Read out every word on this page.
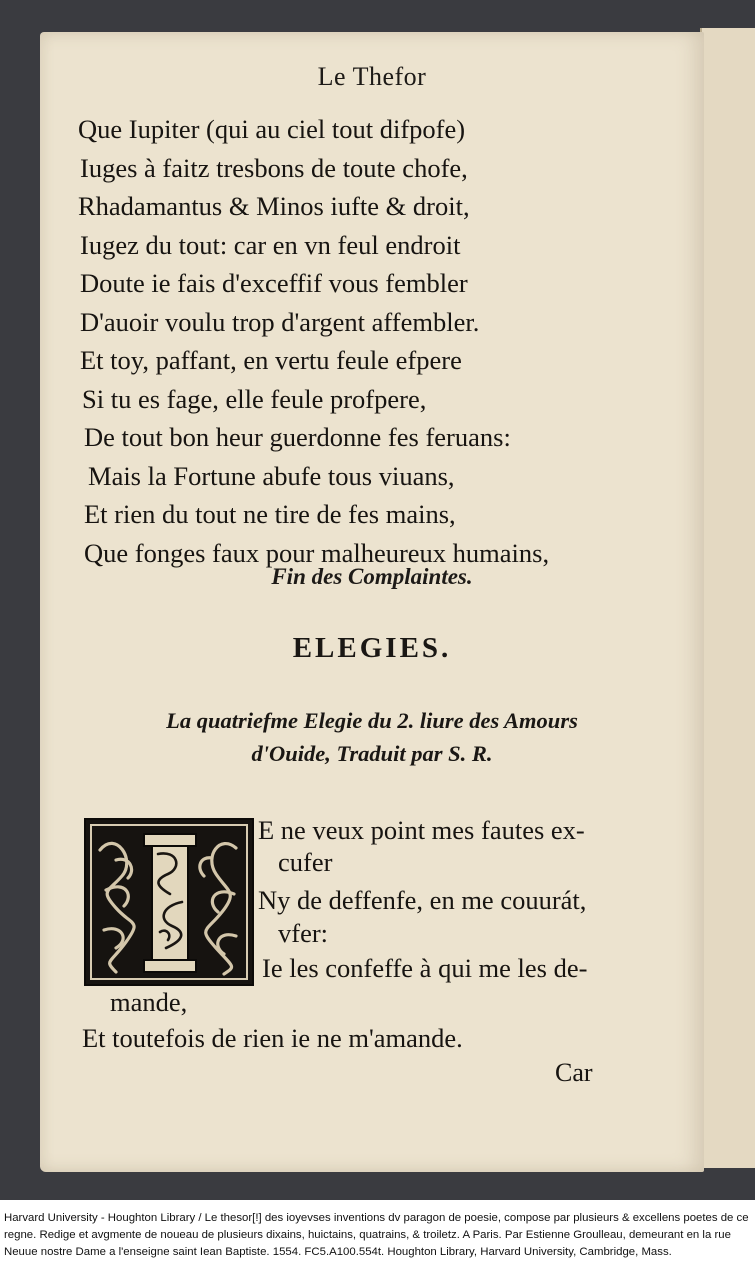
Le Thefor
Que Iupiter (qui au ciel tout difpofe)
Iuges à faitz tresbons de toute chofe,
Rhadamantus & Minos iufte & droit,
Iugez du tout: car en vn feul endroit
Doute ie fais d'exceffif vous fembler
D'auoir voulu trop d'argent affembler.
Et toy, paffant, en vertu feule efpere
Si tu es fage, elle feule profpere,
De tout bon heur guerdonne fes feruans:
Mais la Fortune abufe tous viuans,
Et rien du tout ne tire de fes mains,
Que fonges faux pour malheureux humains,
Fin des Complaintes.
ELEGIES.
La quatriefme Elegie du 2. liure des Amours
d'Ouide, Traduit par S. R.
E ne veux point mes fautes ex-
cufer
Ny de deffenfe, en me couurát,
vfer:
Ie les confeffe à qui me les de-
mande,
Et toutefois de rien ie ne m'amande.
Car
Harvard University - Houghton Library / Le thesor[!] des ioyevses inventions dv paragon de poesie, compose par plusieurs & excellens poetes de ce regne. Redige et avgmente de noueau de plusieurs dixains, huictains, quatrains, & troiletz. A Paris. Par Estienne Groulleau, demeurant en la rue Neuue nostre Dame a l'enseigne saint Iean Baptiste. 1554. FC5.A100.554t. Houghton Library, Harvard University, Cambridge, Mass.
